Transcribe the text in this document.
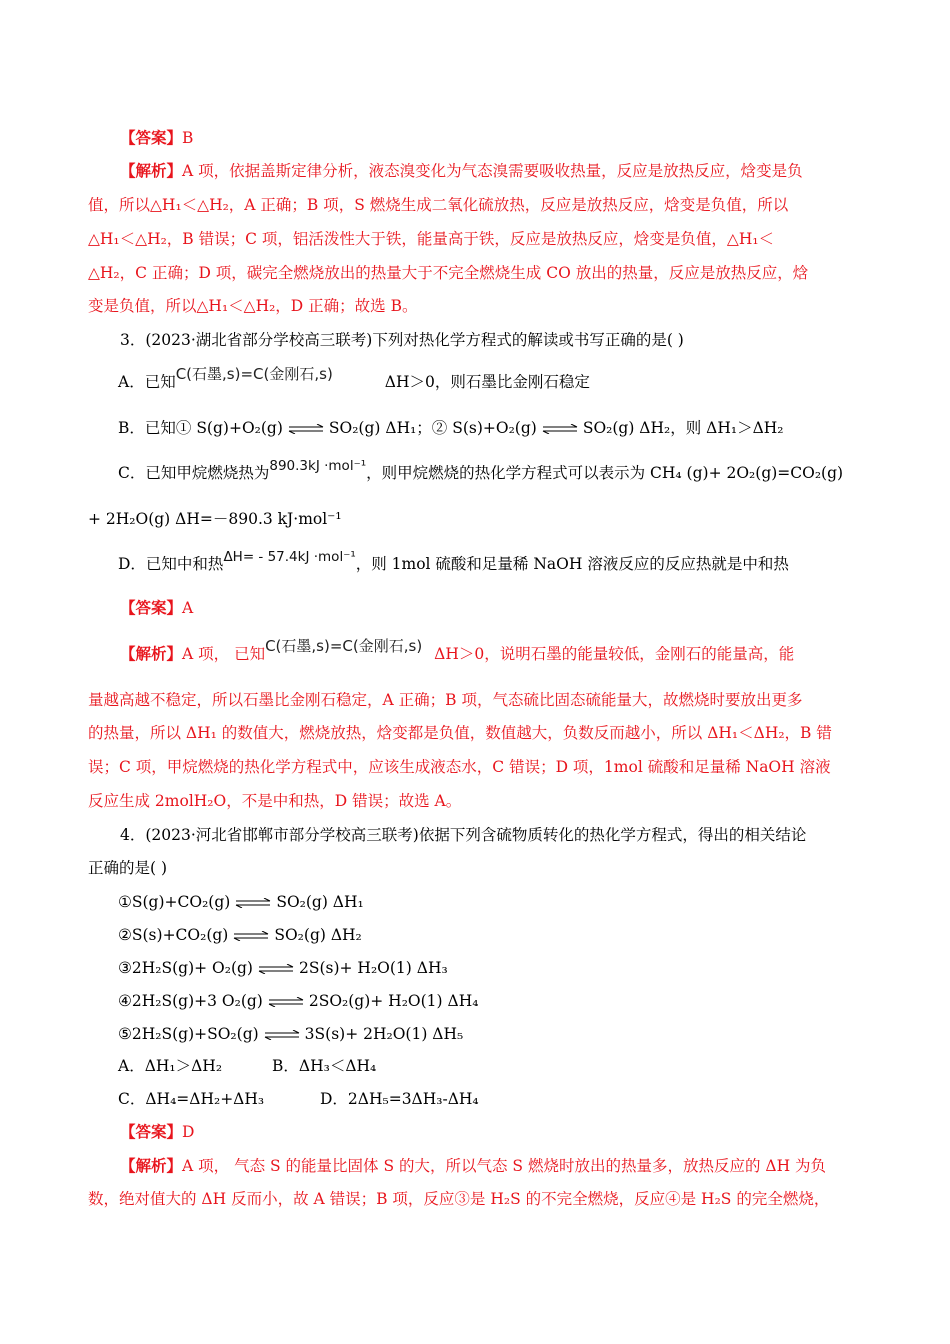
【答案】B
【解析】A 项，依据盖斯定律分析，液态溴变化为气态溴需要吸收热量，反应是放热反应，焓变是负
值，所以△H₁＜△H₂，A 正确；B 项，S 燃烧生成二氧化硫放热，反应是放热反应，焓变是负值，所以
△H₁＜△H₂，B 错误；C 项，铝活泼性大于铁，能量高于铁，反应是放热反应，焓变是负值，△H₁＜
△H₂，C 正确；D 项，碳完全燃烧放出的热量大于不完全燃烧生成 CO 放出的热量，反应是放热反应，焓
变是负值，所以△H₁＜△H₂，D 正确；故选 B。
3．(2023·湖北省部分学校高三联考)下列对热化学方程式的解读或书写正确的是( )
A．已知C(石墨,s)=C(金刚石,s)	ΔH＞0，则石墨比金刚石稳定
B．已知① S(g)+O₂(g) ⇌ SO₂(g) ΔH₁；② S(s)+O₂(g) ⇌ SO₂(g) ΔH₂，则 ΔH₁＞ΔH₂
C．已知甲烷燃烧热为890.3kJ ·mol⁻¹，则甲烷燃烧的热化学方程式可以表示为 CH₄ (g)+ 2O₂(g)=CO₂(g)
+ 2H₂O(g) ΔH=－890.3 kJ·mol⁻¹
D．已知中和热ΔH= - 57.4kJ ·mol⁻¹，则 1mol 硫酸和足量稀 NaOH 溶液反应的反应热就是中和热
【答案】A
【解析】A 项， 已知C(石墨,s)=C(金刚石,s) ΔH＞0，说明石墨的能量较低，金刚石的能量高，能
量越高越不稳定，所以石墨比金刚石稳定，A 正确；B 项，气态硫比固态硫能量大，故燃烧时要放出更多
的热量，所以 ΔH₁ 的数值大，燃烧放热，焓变都是负值，数值越大，负数反而越小，所以 ΔH₁＜ΔH₂，B 错
误；C 项，甲烷燃烧的热化学方程式中，应该生成液态水，C 错误；D 项，1mol 硫酸和足量稀 NaOH 溶液
反应生成 2molH₂O，不是中和热，D 错误；故选 A。
4．(2023·河北省邯郸市部分学校高三联考)依据下列含硫物质转化的热化学方程式，得出的相关结论
正确的是( )
①S(g)+CO₂(g) ⇌ SO₂(g) ΔH₁
②S(s)+CO₂(g) ⇌ SO₂(g) ΔH₂
③2H₂S(g)+ O₂(g) ⇌ 2S(s)+ H₂O(1) ΔH₃
④2H₂S(g)+3 O₂(g) ⇌ 2SO₂(g)+ H₂O(1) ΔH₄
⑤2H₂S(g)+SO₂(g) ⇌ 3S(s)+ 2H₂O(1) ΔH₅
A．ΔH₁＞ΔH₂	B．ΔH₃＜ΔH₄
C．ΔH₄=ΔH₂+ΔH₃	D．2ΔH₅=3ΔH₃-ΔH₄
【答案】D
【解析】A 项， 气态 S 的能量比固体 S 的大，所以气态 S 燃烧时放出的热量多，放热反应的 ΔH 为负
数，绝对值大的 ΔH 反而小，故 A 错误；B 项，反应③是 H₂S 的不完全燃烧，反应④是 H₂S 的完全燃烧，
